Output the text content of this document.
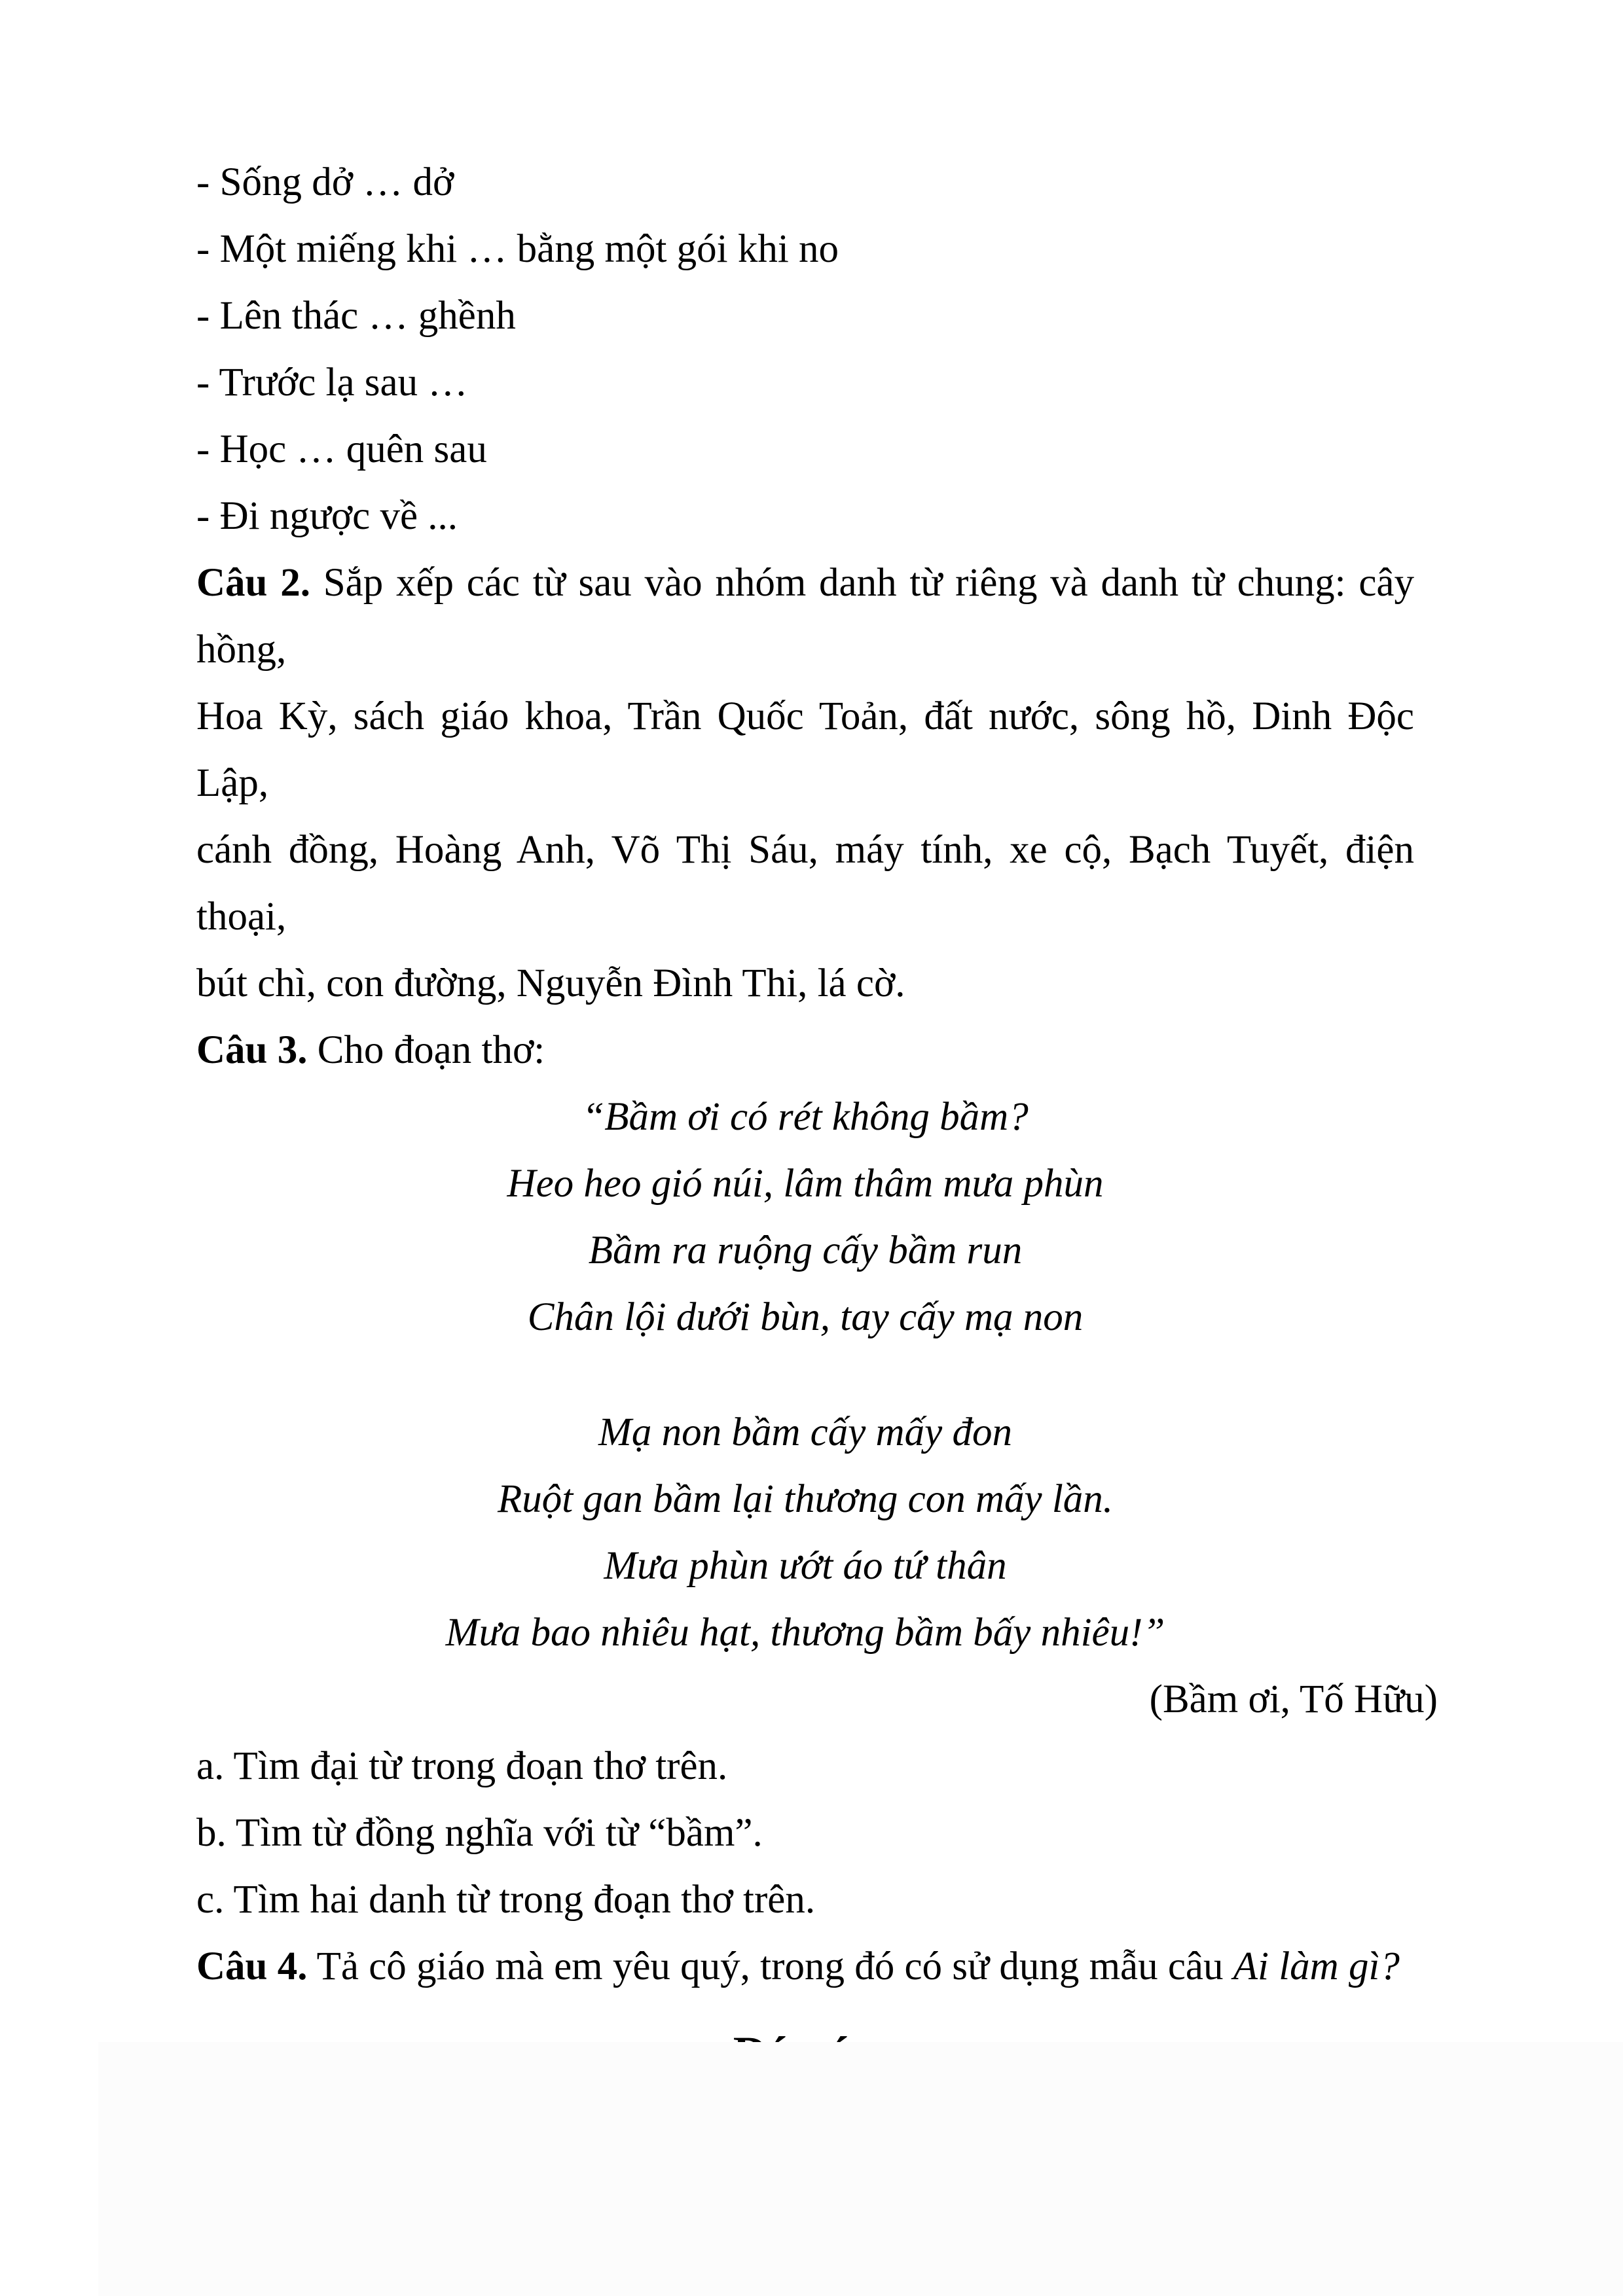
- Sống dở … dở
- Một miếng khi … bằng một gói khi no
- Lên thác … ghềnh
- Trước lạ sau …
- Học … quên sau
- Đi ngược về ...
Câu 2. Sắp xếp các từ sau vào nhóm danh từ riêng và danh từ chung: cây hồng,
Hoa Kỳ, sách giáo khoa, Trần Quốc Toản, đất nước, sông hồ, Dinh Độc Lập,
cánh đồng, Hoàng Anh, Võ Thị Sáu, máy tính, xe cộ, Bạch Tuyết, điện thoại,
bút chì, con đường, Nguyễn Đình Thi, lá cờ.
Câu 3. Cho đoạn thơ:
“Bầm ơi có rét không bầm?
Heo heo gió núi, lâm thâm mưa phùn
Bầm ra ruộng cấy bầm run
Chân lội dưới bùn, tay cấy mạ non
Mạ non bầm cấy mấy đon
Ruột gan bầm lại thương con mấy lần.
Mưa phùn ướt áo tứ thân
Mưa bao nhiêu hạt, thương bầm bấy nhiêu!”
(Bầm ơi, Tố Hữu)
a. Tìm đại từ trong đoạn thơ trên.
b. Tìm từ đồng nghĩa với từ “bầm”.
c. Tìm hai danh từ trong đoạn thơ trên.
Câu 4. Tả cô giáo mà em yêu quý, trong đó có sử dụng mẫu câu Ai làm gì?
